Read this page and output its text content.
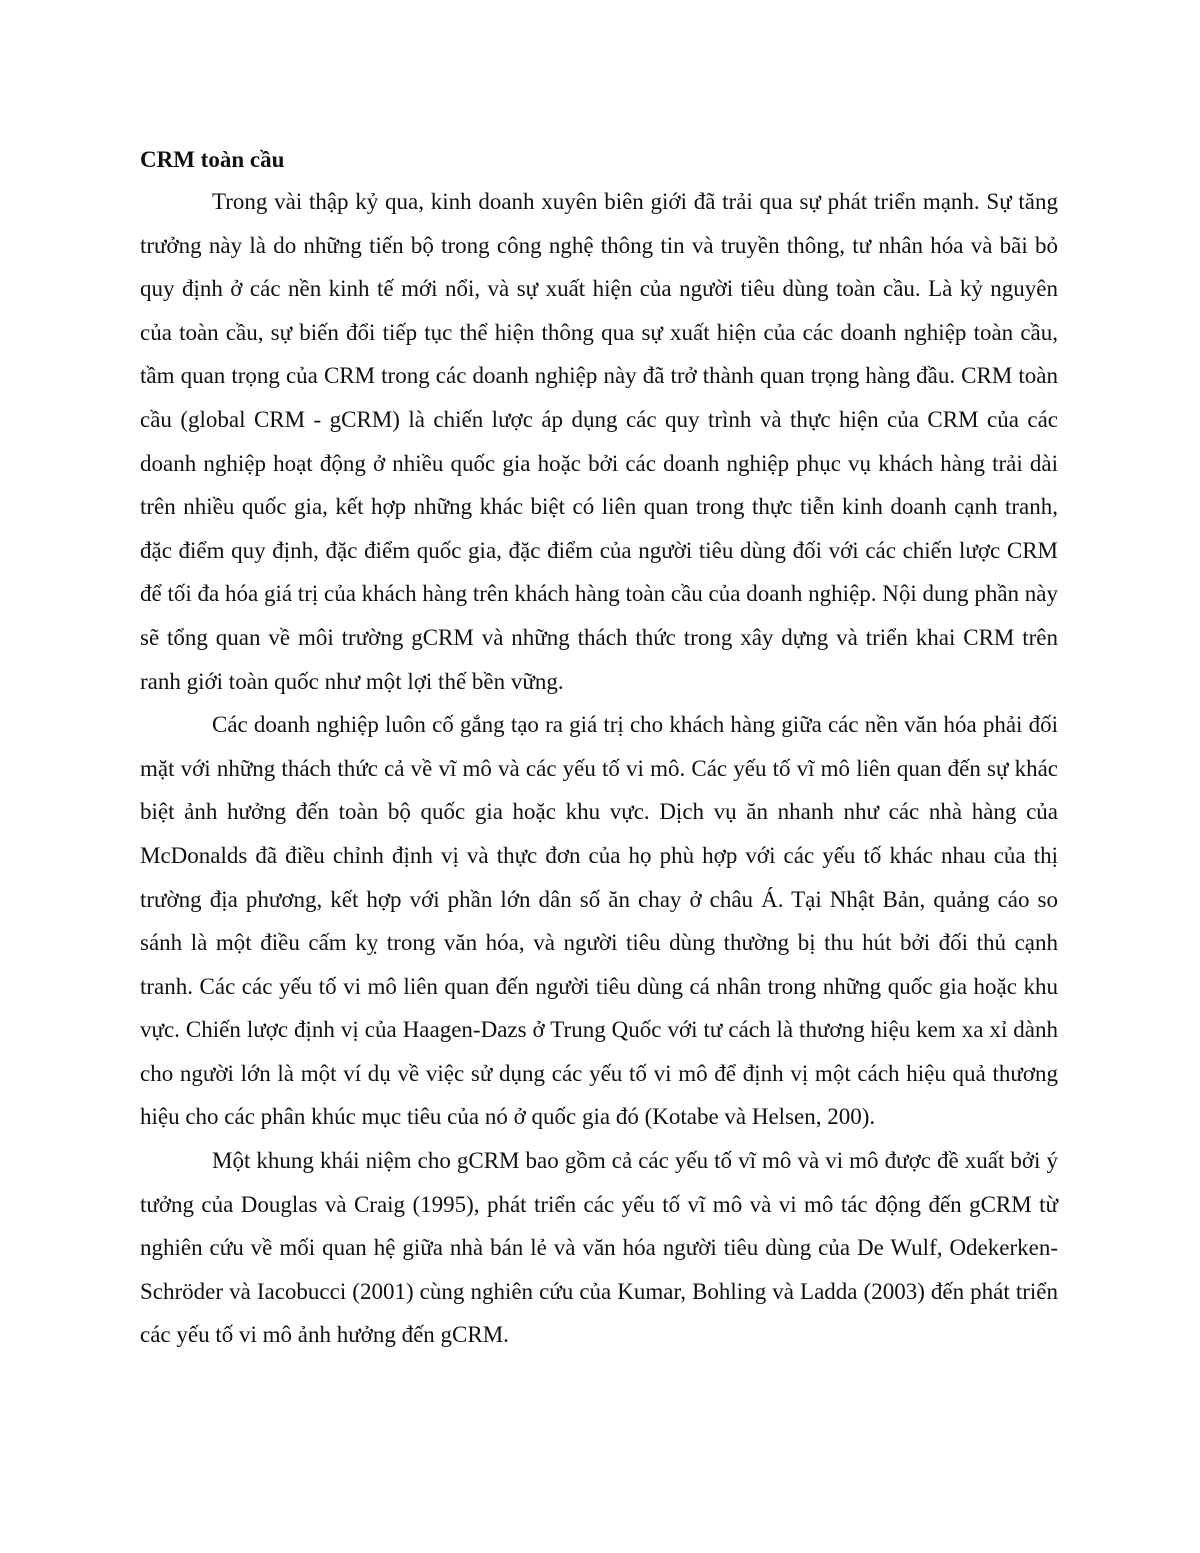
CRM toàn cầu

Trong vài thập kỷ qua, kinh doanh xuyên biên giới đã trải qua sự phát triển mạnh. Sự tăng trưởng này là do những tiến bộ trong công nghệ thông tin và truyền thông, tư nhân hóa và bãi bỏ quy định ở các nền kinh tế mới nổi, và sự xuất hiện của người tiêu dùng toàn cầu. Là kỷ nguyên của toàn cầu, sự biến đổi tiếp tục thể hiện thông qua sự xuất hiện của các doanh nghiệp toàn cầu, tầm quan trọng của CRM trong các doanh nghiệp này đã trở thành quan trọng hàng đầu. CRM toàn cầu (global CRM - gCRM) là chiến lược áp dụng các quy trình và thực hiện của CRM của các doanh nghiệp hoạt động ở nhiều quốc gia hoặc bởi các doanh nghiệp phục vụ khách hàng trải dài trên nhiều quốc gia, kết hợp những khác biệt có liên quan trong thực tiễn kinh doanh cạnh tranh, đặc điểm quy định, đặc điểm quốc gia, đặc điểm của người tiêu dùng đối với các chiến lược CRM để tối đa hóa giá trị của khách hàng trên khách hàng toàn cầu của doanh nghiệp. Nội dung phần này sẽ tổng quan về môi trường gCRM và những thách thức trong xây dựng và triển khai CRM trên ranh giới toàn quốc như một lợi thế bền vững.

Các doanh nghiệp luôn cố gắng tạo ra giá trị cho khách hàng giữa các nền văn hóa phải đối mặt với những thách thức cả về vĩ mô và các yếu tố vi mô. Các yếu tố vĩ mô liên quan đến sự khác biệt ảnh hưởng đến toàn bộ quốc gia hoặc khu vực. Dịch vụ ăn nhanh như các nhà hàng của McDonalds đã điều chỉnh định vị và thực đơn của họ phù hợp với các yếu tố khác nhau của thị trường địa phương, kết hợp với phần lớn dân số ăn chay ở châu Á. Tại Nhật Bản, quảng cáo so sánh là một điều cấm kỵ trong văn hóa, và người tiêu dùng thường bị thu hút bởi đối thủ cạnh tranh. Các các yếu tố vi mô liên quan đến người tiêu dùng cá nhân trong những quốc gia hoặc khu vực. Chiến lược định vị của Haagen-Dazs ở Trung Quốc với tư cách là thương hiệu kem xa xỉ dành cho người lớn là một ví dụ về việc sử dụng các yếu tố vi mô để định vị một cách hiệu quả thương hiệu cho các phân khúc mục tiêu của nó ở quốc gia đó (Kotabe và Helsen, 200).

Một khung khái niệm cho gCRM bao gồm cả các yếu tố vĩ mô và vi mô được đề xuất bởi ý tưởng của Douglas và Craig (1995), phát triển các yếu tố vĩ mô và vi mô tác động đến gCRM từ nghiên cứu về mối quan hệ giữa nhà bán lẻ và văn hóa người tiêu dùng của De Wulf, Odekerken-Schröder và Iacobucci (2001) cùng nghiên cứu của Kumar, Bohling và Ladda (2003) đến phát triển các yếu tố vi mô ảnh hưởng đến gCRM.
